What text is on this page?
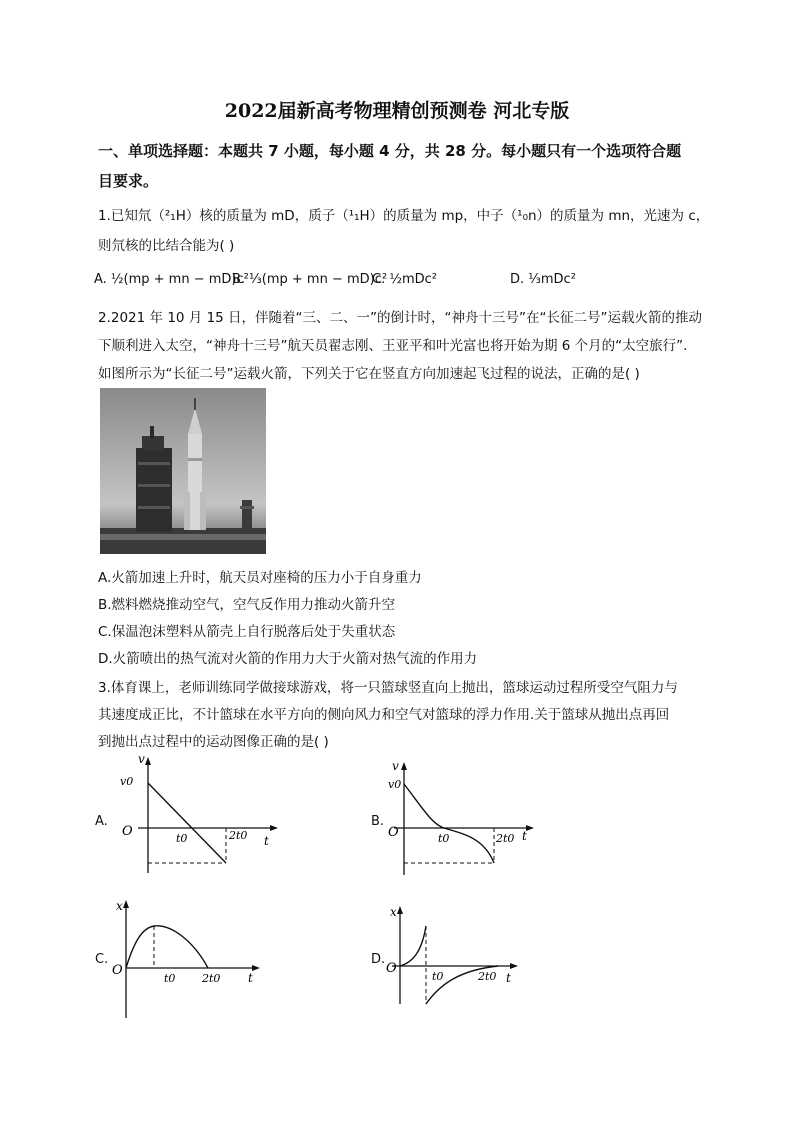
2022届新高考物理精创预测卷 河北专版
一、单项选择题：本题共 7 小题，每小题 4 分，共 28 分。每小题只有一个选项符合题
目要求。
1.已知氘（²₁H）核的质量为 mD，质子（¹₁H）的质量为 mp，中子（¹₀n）的质量为 mn，光速为 c，
则氘核的比结合能为( )
A. ½(mp + mn − mD)c²
B. ⅓(mp + mn − mD)c²
C. ½mDc²	D. ⅓mDc²
2.2021 年 10 月 15 日，伴随着“三、二、一”的倒计时，“神舟十三号”在“长征二号”运载火箭的推动
下顺利进入太空，“神舟十三号”航天员翟志刚、王亚平和叶光富也将开始为期 6 个月的“太空旅行”.
如图所示为“长征二号”运载火箭，下列关于它在竖直方向加速起飞过程的说法，正确的是( )
A.火箭加速上升时，航天员对座椅的压力小于自身重力
B.燃料燃烧推动空气，空气反作用力推动火箭升空
C.保温泡沫塑料从箭壳上自行脱落后处于失重状态
D.火箭喷出的热气流对火箭的作用力大于火箭对热气流的作用力
3.体育课上，老师训练同学做接球游戏，将一只篮球竖直向上抛出，篮球运动过程所受空气阻力与
其速度成正比，不计篮球在水平方向的侧向风力和空气对篮球的浮力作用.关于篮球从抛出点再回
到抛出点过程中的运动图像正确的是( )
A.
v
v0
O	t0	2t0 t
B.
v
v0
O	t0	2t0 t
C.
x
O
t0 2t0 t
D.
x
O
t0	2t0 t
